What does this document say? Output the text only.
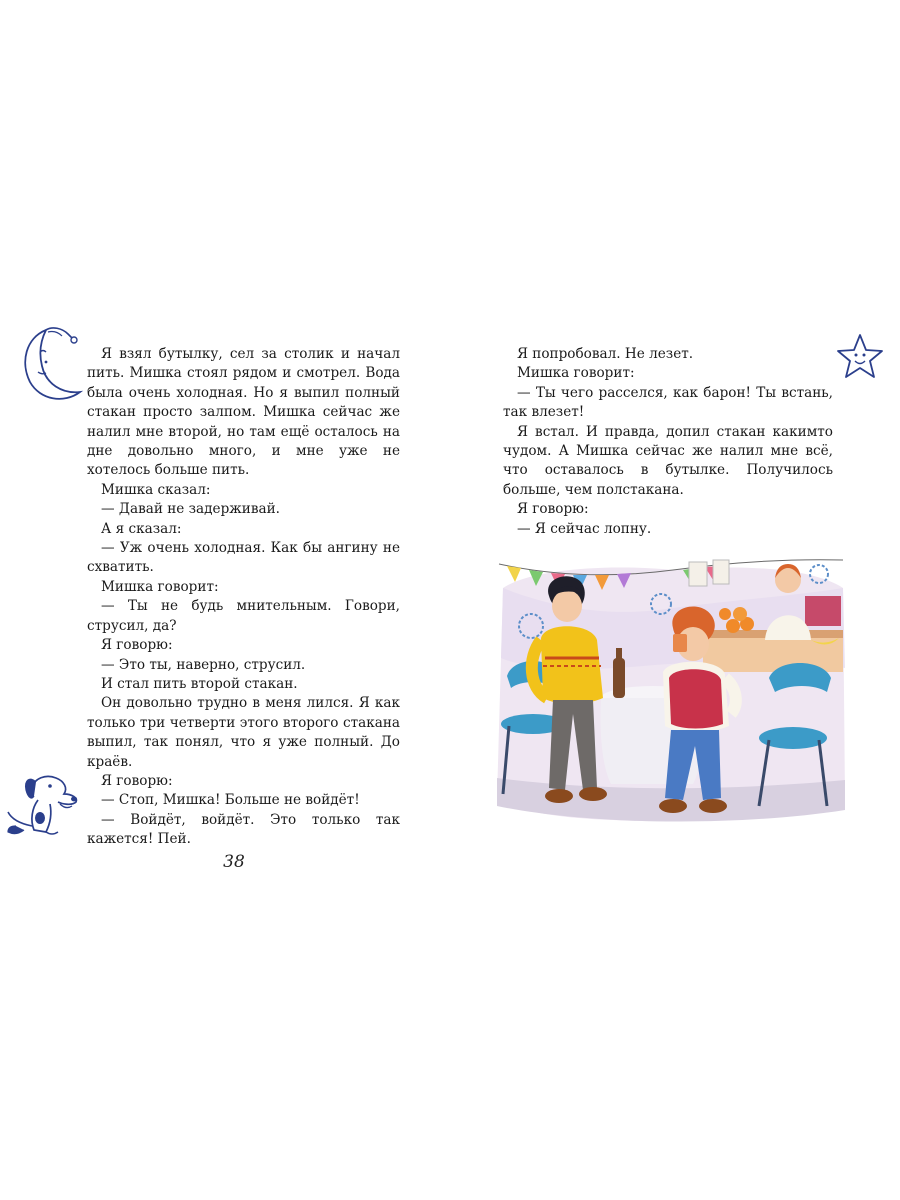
Я взял бутылку, сел за столик и начал пить. Мишка стоял рядом и смотрел. Вода была очень холодная. Но я выпил полный стакан просто залпом. Мишка сейчас же налил мне второй, но там ещё осталось на дне довольно много, и мне уже не хотелось больше пить.

Мишка сказал:

— Давай не задерживай.

А я сказал:

— Уж очень холодная. Как бы ангину не схватить.

Мишка говорит:

— Ты не будь мнительным. Говори, струсил, да?

Я говорю:

— Это ты, наверно, струсил.

И стал пить второй стакан.

Он довольно трудно в меня лился. Я как только три четверти этого второго стакана выпил, так понял, что я уже полный. До краёв.

Я говорю:

— Стоп, Мишка! Больше не войдёт!

— Войдёт, войдёт. Это только так кажется! Пей.

38

Я попробовал. Не лезет.

Мишка говорит:

— Ты чего расселся, как барон! Ты встань, так влезет!

Я встал. И правда, допил стакан какимто чудом. А Мишка сейчас же налил мне всё, что оставалось в бутылке. Получилось больше, чем полстакана.

Я говорю:

— Я сейчас лопну.
